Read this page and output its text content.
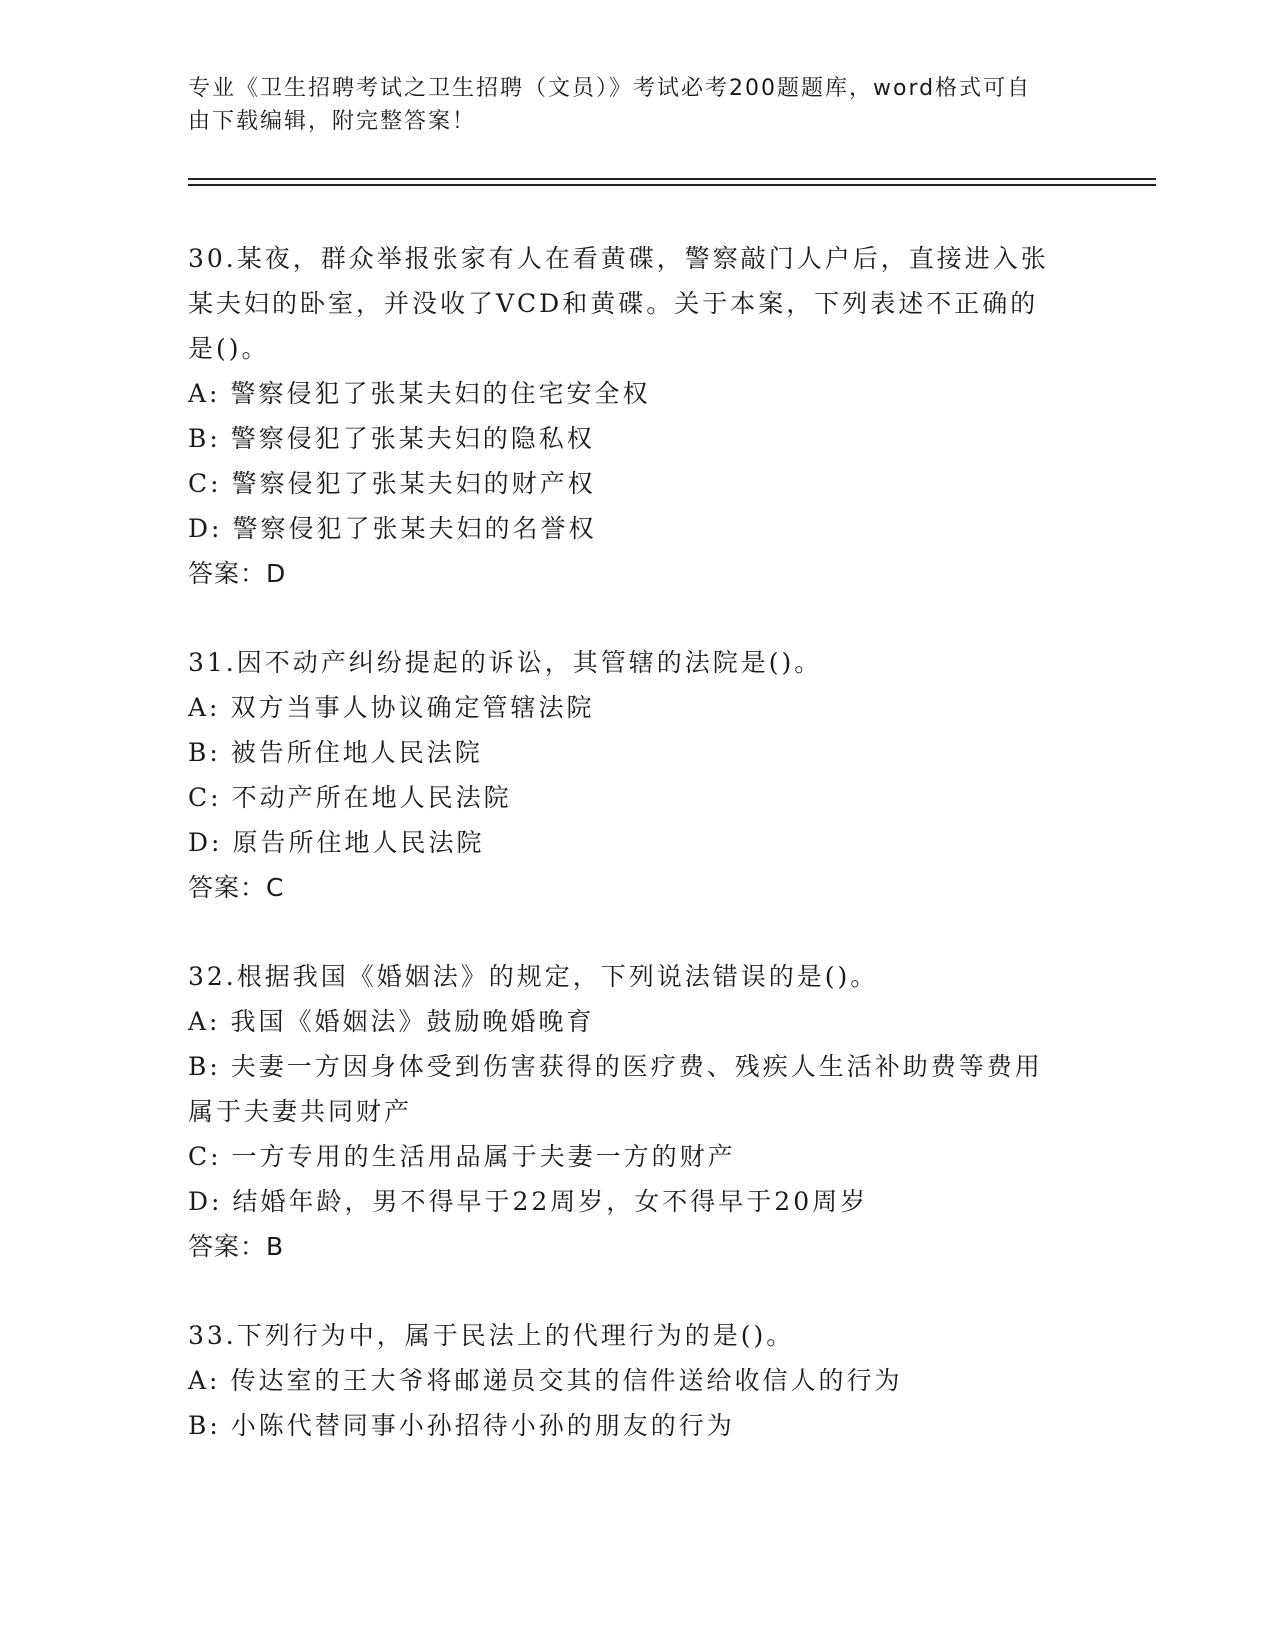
专业《卫生招聘考试之卫生招聘（文员）》考试必考200题题库，word格式可自
由下载编辑，附完整答案！

30.某夜，群众举报张家有人在看黄碟，警察敲门人户后，直接进入张

某夫妇的卧室，并没收了VCD和黄碟。关于本案，下列表述不正确的

是()。

A: 警察侵犯了张某夫妇的住宅安全权
B: 警察侵犯了张某夫妇的隐私权
C: 警察侵犯了张某夫妇的财产权
D: 警察侵犯了张某夫妇的名誉权

答案：D

31.因不动产纠纷提起的诉讼，其管辖的法院是()。

A: 双方当事人协议确定管辖法院
B: 被告所住地人民法院
C: 不动产所在地人民法院
D: 原告所住地人民法院

答案：C

32.根据我国《婚姻法》的规定，下列说法错误的是()。

A: 我国《婚姻法》鼓励晚婚晚育
B: 夫妻一方因身体受到伤害获得的医疗费、残疾人生活补助费等费用
属于夫妻共同财产
C: 一方专用的生活用品属于夫妻一方的财产
D: 结婚年龄，男不得早于22周岁，女不得早于20周岁

答案：B

33.下列行为中，属于民法上的代理行为的是()。

A: 传达室的王大爷将邮递员交其的信件送给收信人的行为
B: 小陈代替同事小孙招待小孙的朋友的行为
